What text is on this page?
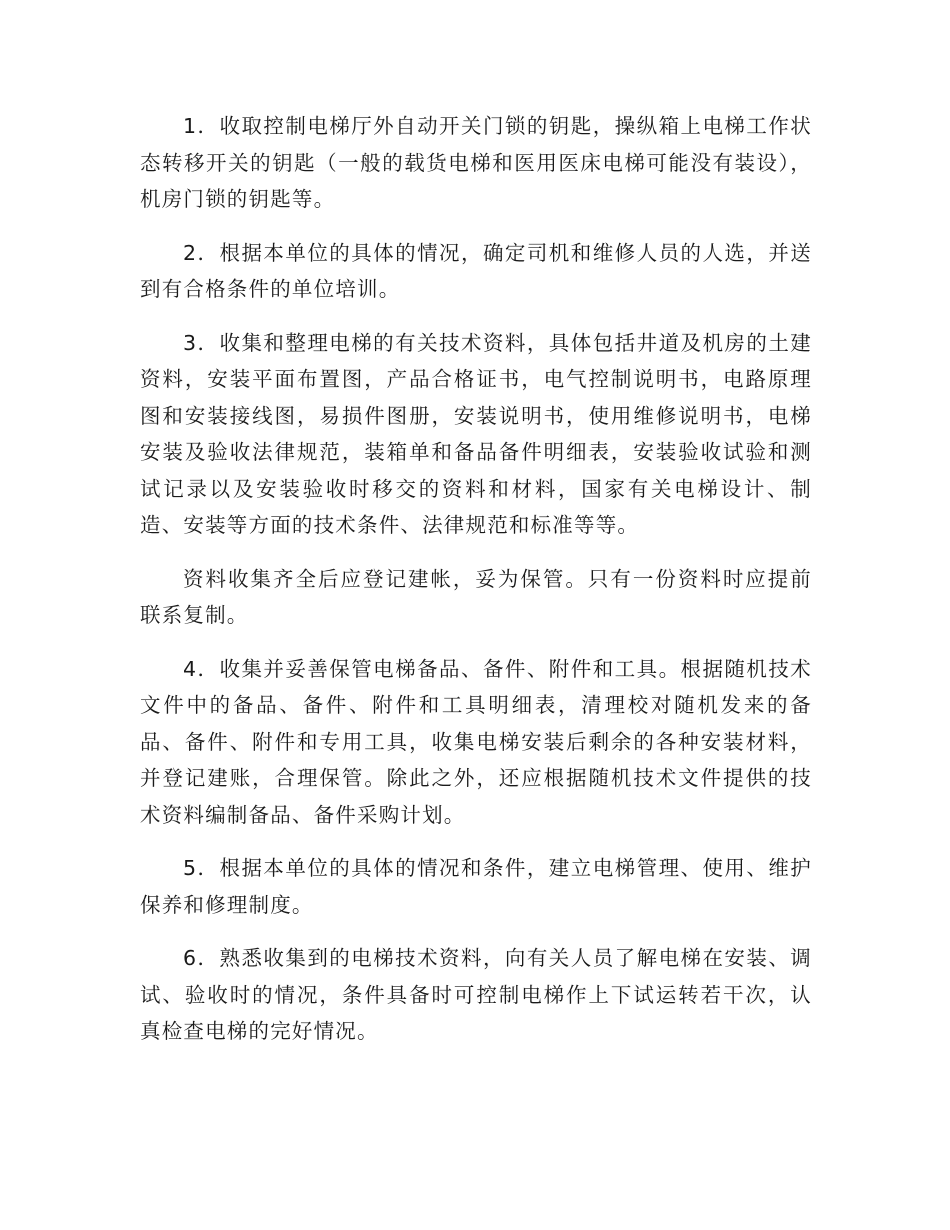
1．收取控制电梯厅外自动开关门锁的钥匙，操纵箱上电梯工作状态转移开关的钥匙（一般的载货电梯和医用医床电梯可能没有装设），机房门锁的钥匙等。

2．根据本单位的具体的情况，确定司机和维修人员的人选，并送到有合格条件的单位培训。

3．收集和整理电梯的有关技术资料，具体包括井道及机房的土建资料，安装平面布置图，产品合格证书，电气控制说明书，电路原理图和安装接线图，易损件图册，安装说明书，使用维修说明书，电梯安装及验收法律规范，装箱单和备品备件明细表，安装验收试验和测试记录以及安装验收时移交的资料和材料，国家有关电梯设计、制造、安装等方面的技术条件、法律规范和标准等等。

资料收集齐全后应登记建帐，妥为保管。只有一份资料时应提前联系复制。

4．收集并妥善保管电梯备品、备件、附件和工具。根据随机技术文件中的备品、备件、附件和工具明细表，清理校对随机发来的备品、备件、附件和专用工具，收集电梯安装后剩余的各种安装材料，并登记建账，合理保管。除此之外，还应根据随机技术文件提供的技术资料编制备品、备件采购计划。

5．根据本单位的具体的情况和条件，建立电梯管理、使用、维护保养和修理制度。

6．熟悉收集到的电梯技术资料，向有关人员了解电梯在安装、调试、验收时的情况，条件具备时可控制电梯作上下试运转若干次，认真检查电梯的完好情况。
